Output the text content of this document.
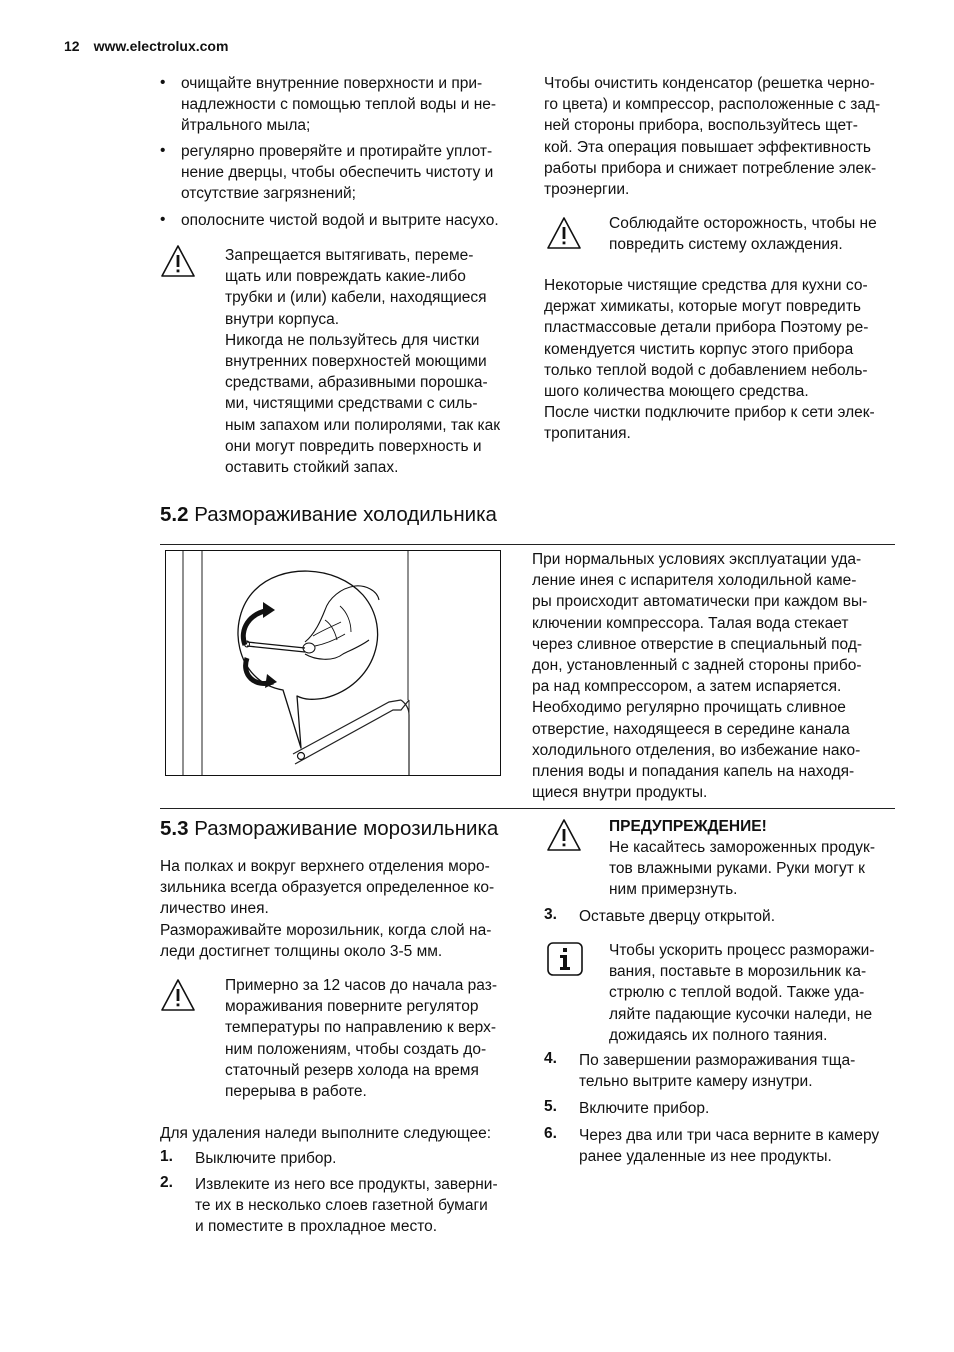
12 www.electrolux.com
• очищайте внутренние поверхности и при-
надлежности с помощью теплой воды и не-
йтрального мыла;
• регулярно проверяйте и протирайте уплот-
нение дверцы, чтобы обеспечить чистоту и
отсутствие загрязнений;
• ополосните чистой водой и вытрите насухо.
Запрещается вытягивать, переме-
щать или повреждать какие-либо
трубки и (или) кабели, находящиеся
внутри корпуса.
Никогда не пользуйтесь для чистки
внутренних поверхностей моющими
средствами, абразивными порошка-
ми, чистящими средствами с силь-
ным запахом или полиролями, так как
они могут повредить поверхность и
оставить стойкий запах.
Чтобы очистить конденсатор (решетка черно-
го цвета) и компрессор, расположенные с зад-
ней стороны прибора, воспользуйтесь щет-
кой. Эта операция повышает эффективность
работы прибора и снижает потребление элек-
троэнергии.
Соблюдайте осторожность, чтобы не
повредить систему охлаждения.
Некоторые чистящие средства для кухни со-
держат химикаты, которые могут повредить
пластмассовые детали прибора Поэтому ре-
комендуется чистить корпус этого прибора
только теплой водой с добавлением неболь-
шого количества моющего средства.
После чистки подключите прибор к сети элек-
тропитания.
5.2 Размораживание холодильника
При нормальных условиях эксплуатации уда-
ление инея с испарителя холодильной каме-
ры происходит автоматически при каждом вы-
ключении компрессора. Талая вода стекает
через сливное отверстие в специальный под-
дон, установленный с задней стороны прибо-
ра над компрессором, а затем испаряется.
Необходимо регулярно прочищать сливное
отверстие, находящееся в середине канала
холодильного отделения, во избежание нако-
пления воды и попадания капель на находя-
щиеся внутри продукты.
5.3 Размораживание морозильника
На полках и вокруг верхнего отделения моро-
зильника всегда образуется определенное ко-
личество инея.
Размораживайте морозильник, когда слой на-
леди достигнет толщины около 3-5 мм.
Примерно за 12 часов до начала раз-
мораживания поверните регулятор
температуры по направлению к верх-
ним положениям, чтобы создать до-
статочный резерв холода на время
перерыва в работе.
Для удаления наледи выполните следующее:
1. Выключите прибор.
2. Извлеките из него все продукты, заверни-
те их в несколько слоев газетной бумаги
и поместите в прохладное место.
ПРЕДУПРЕЖДЕНИЕ!
Не касайтесь замороженных продук-
тов влажными руками. Руки могут к
ним примерзнуть.
3. Оставьте дверцу открытой.
Чтобы ускорить процесс разморажи-
вания, поставьте в морозильник ка-
стрюлю с теплой водой. Также уда-
ляйте падающие кусочки наледи, не
дожидаясь их полного таяния.
4. По завершении размораживания тща-
тельно вытрите камеру изнутри.
5. Включите прибор.
6. Через два или три часа верните в камеру
ранее удаленные из нее продукты.
